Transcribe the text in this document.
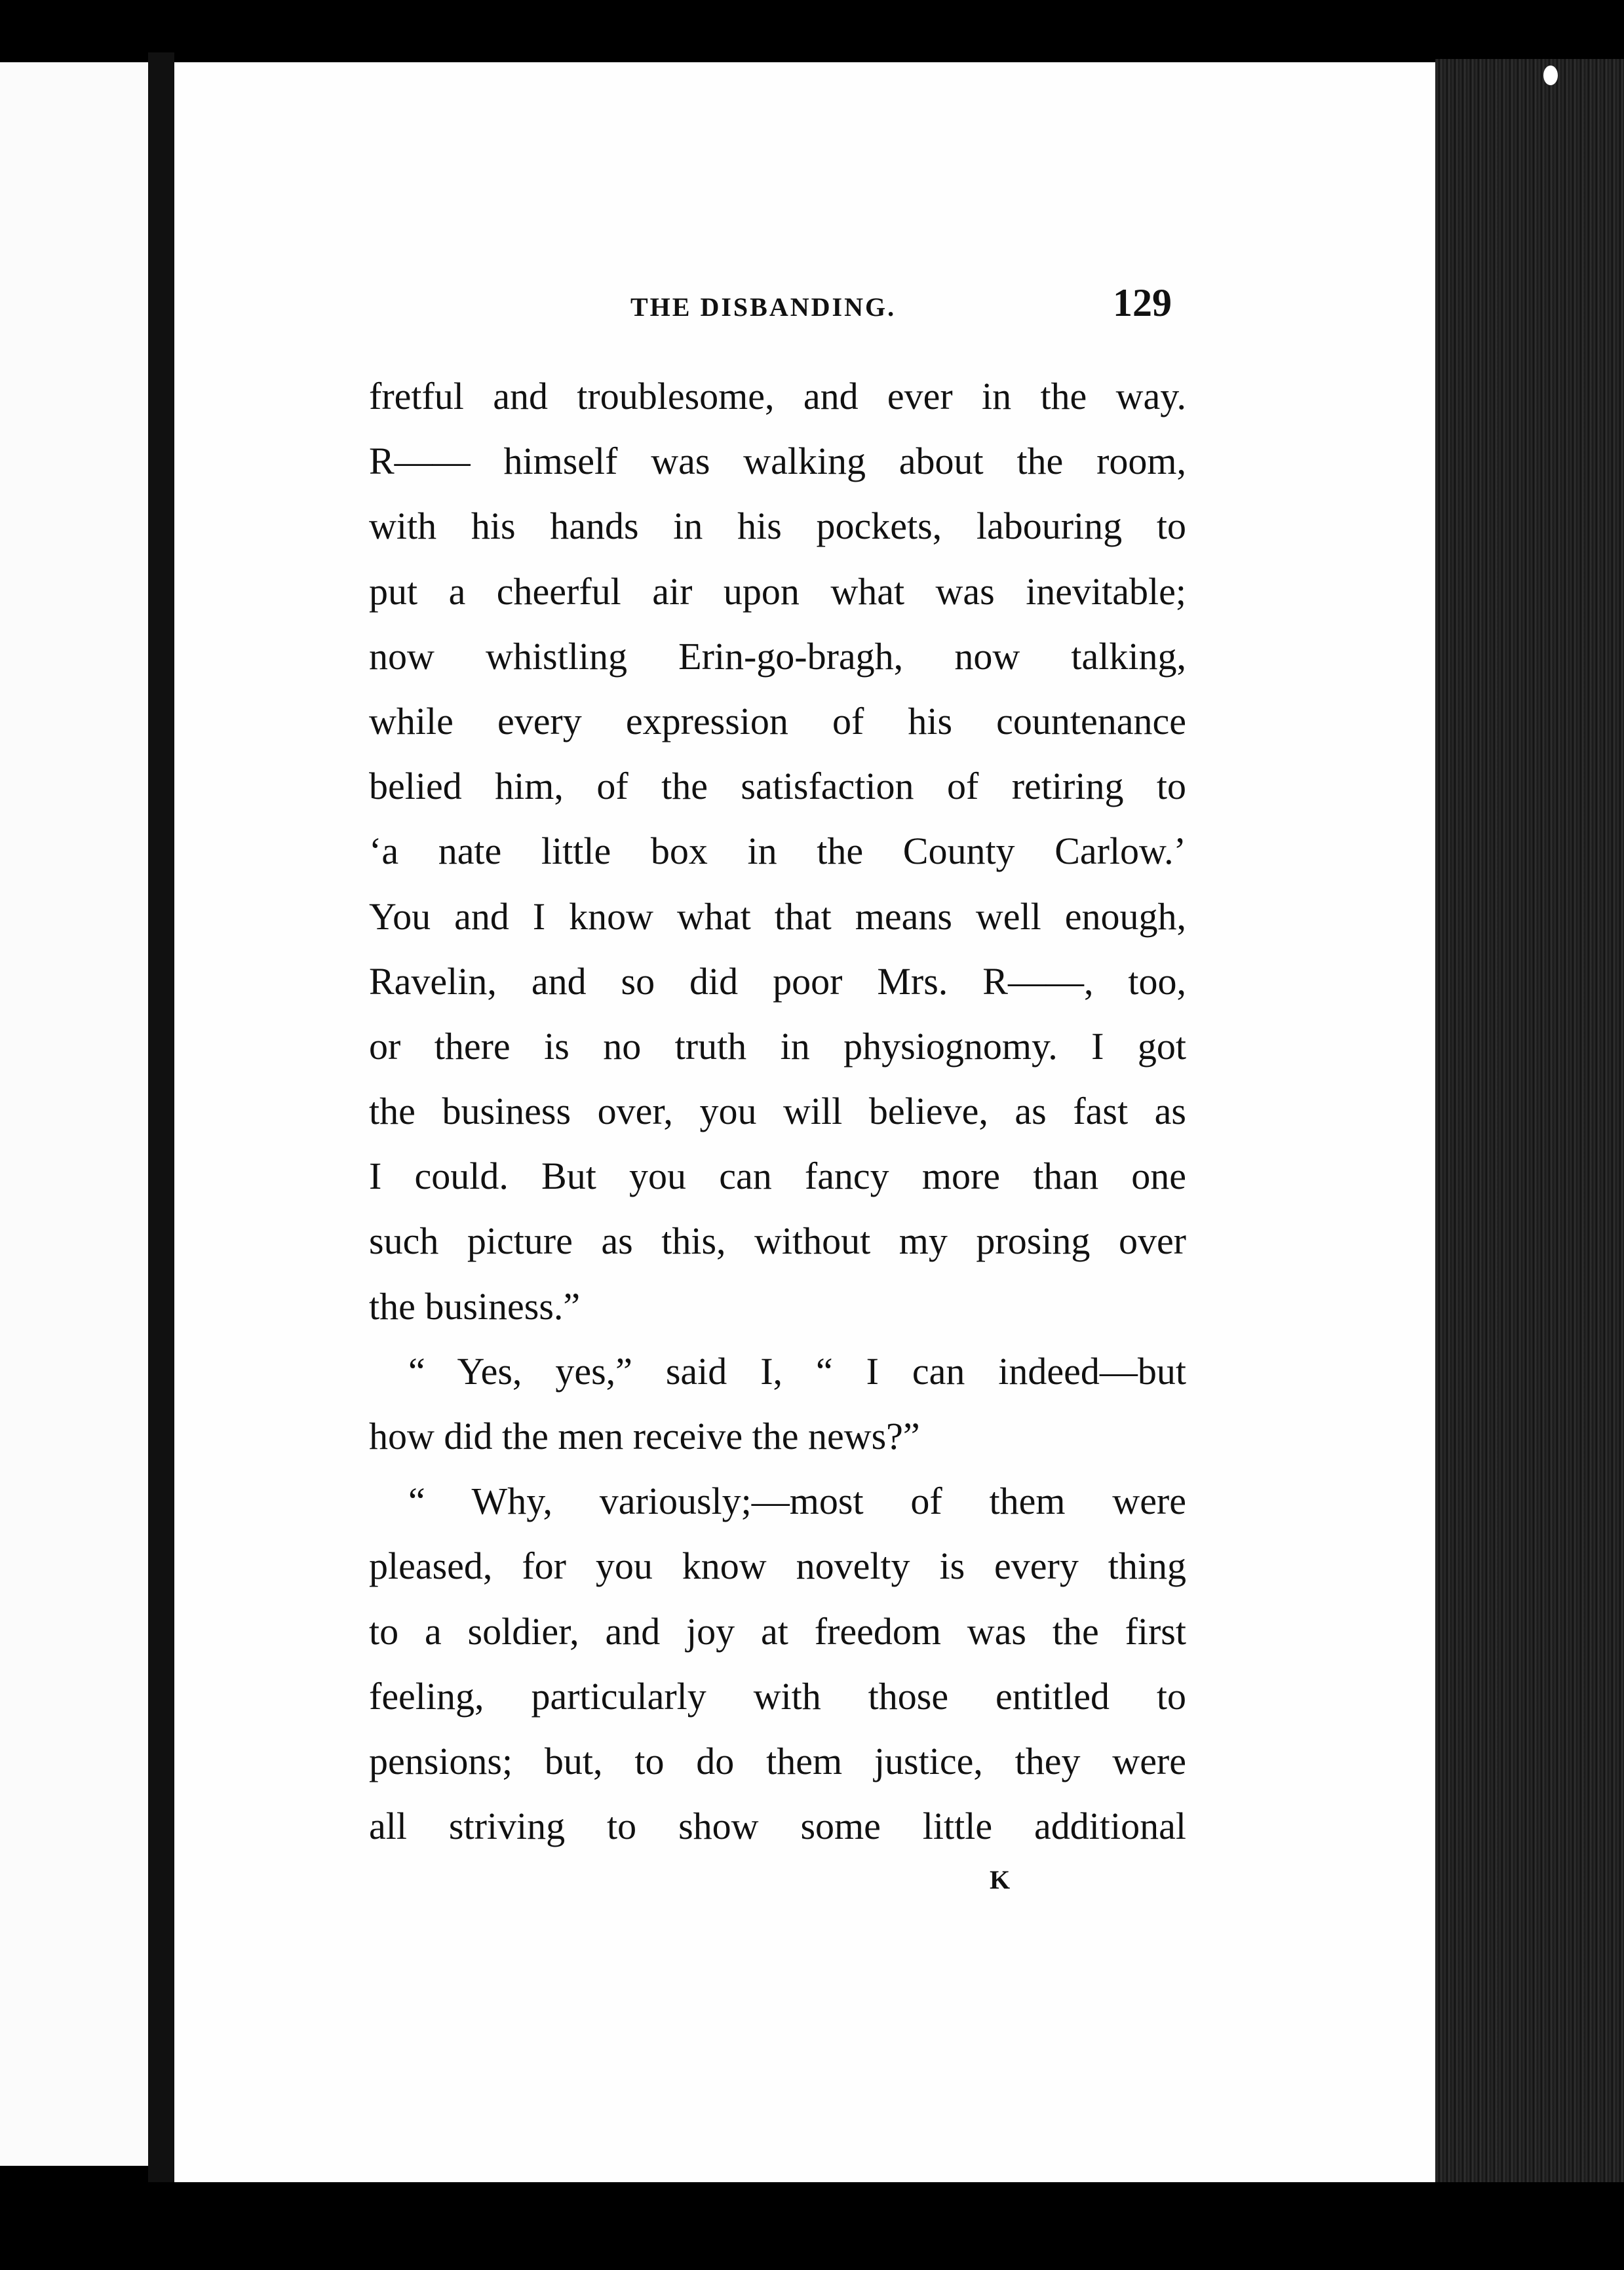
THE DISBANDING.	129
fretful and troublesome, and ever in the way.
R—— himself was walking about the room,
with his hands in his pockets, labouring to
put a cheerful air upon what was inevitable;
now whistling Erin-go-bragh, now talking,
while every expression of his countenance
belied him, of the satisfaction of retiring to
‘a nate little box in the County Carlow.’
You and I know what that means well enough,
Ravelin, and so did poor Mrs. R——, too,
or there is no truth in physiognomy. I got
the business over, you will believe, as fast as
I could. But you can fancy more than one
such picture as this, without my prosing over
the business.”
“ Yes, yes,” said I, “ I can indeed—but
how did the men receive the news?”
“ Why, variously;—most of them were
pleased, for you know novelty is every thing
to a soldier, and joy at freedom was the first
feeling, particularly with those entitled to
pensions; but, to do them justice, they were
all striving to show some little additional
K
